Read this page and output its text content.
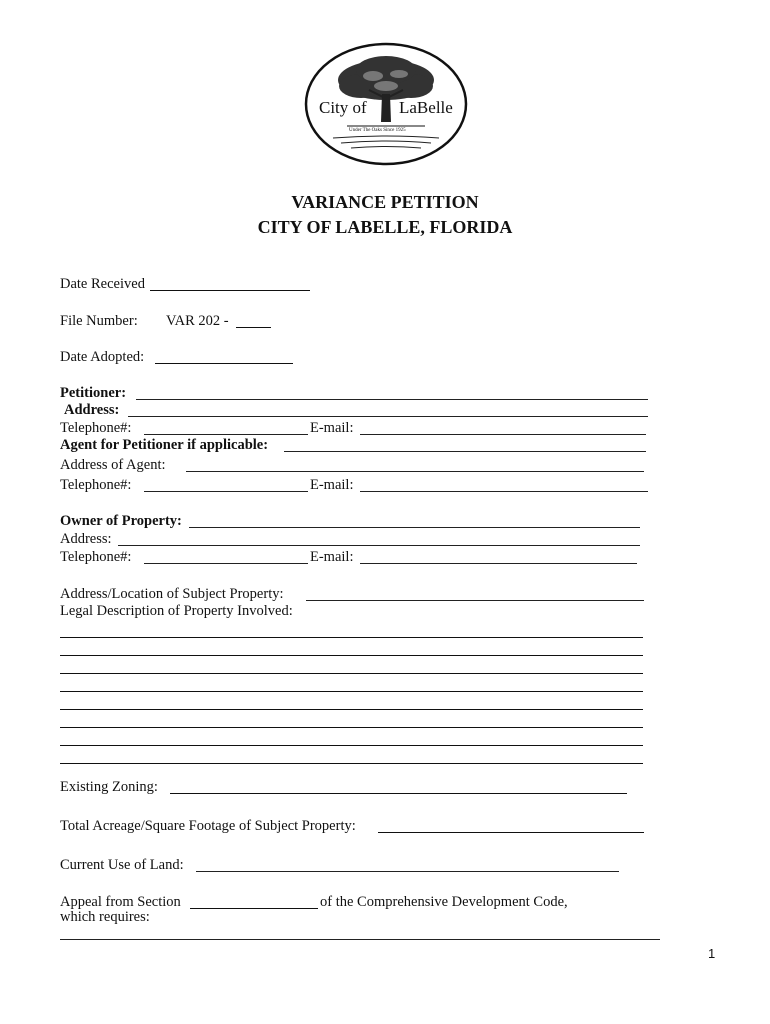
City of LaBelle
Under The Oaks Since 1925
VARIANCE PETITION
CITY OF LABELLE, FLORIDA
Date Received
File Number: VAR 202 -
Date Adopted:
Petitioner:
Address:
Telephone#:	E-mail:
Agent for Petitioner if applicable:
Address of Agent:
Telephone#:	E-mail:
Owner of Property:
Address:
Telephone#:	E-mail:
Address/Location of Subject Property:
Legal Description of Property Involved:
Existing Zoning:
Total Acreage/Square Footage of Subject Property:
Current Use of Land:
Appeal from Section	of the Comprehensive Development Code,
which requires:
1
